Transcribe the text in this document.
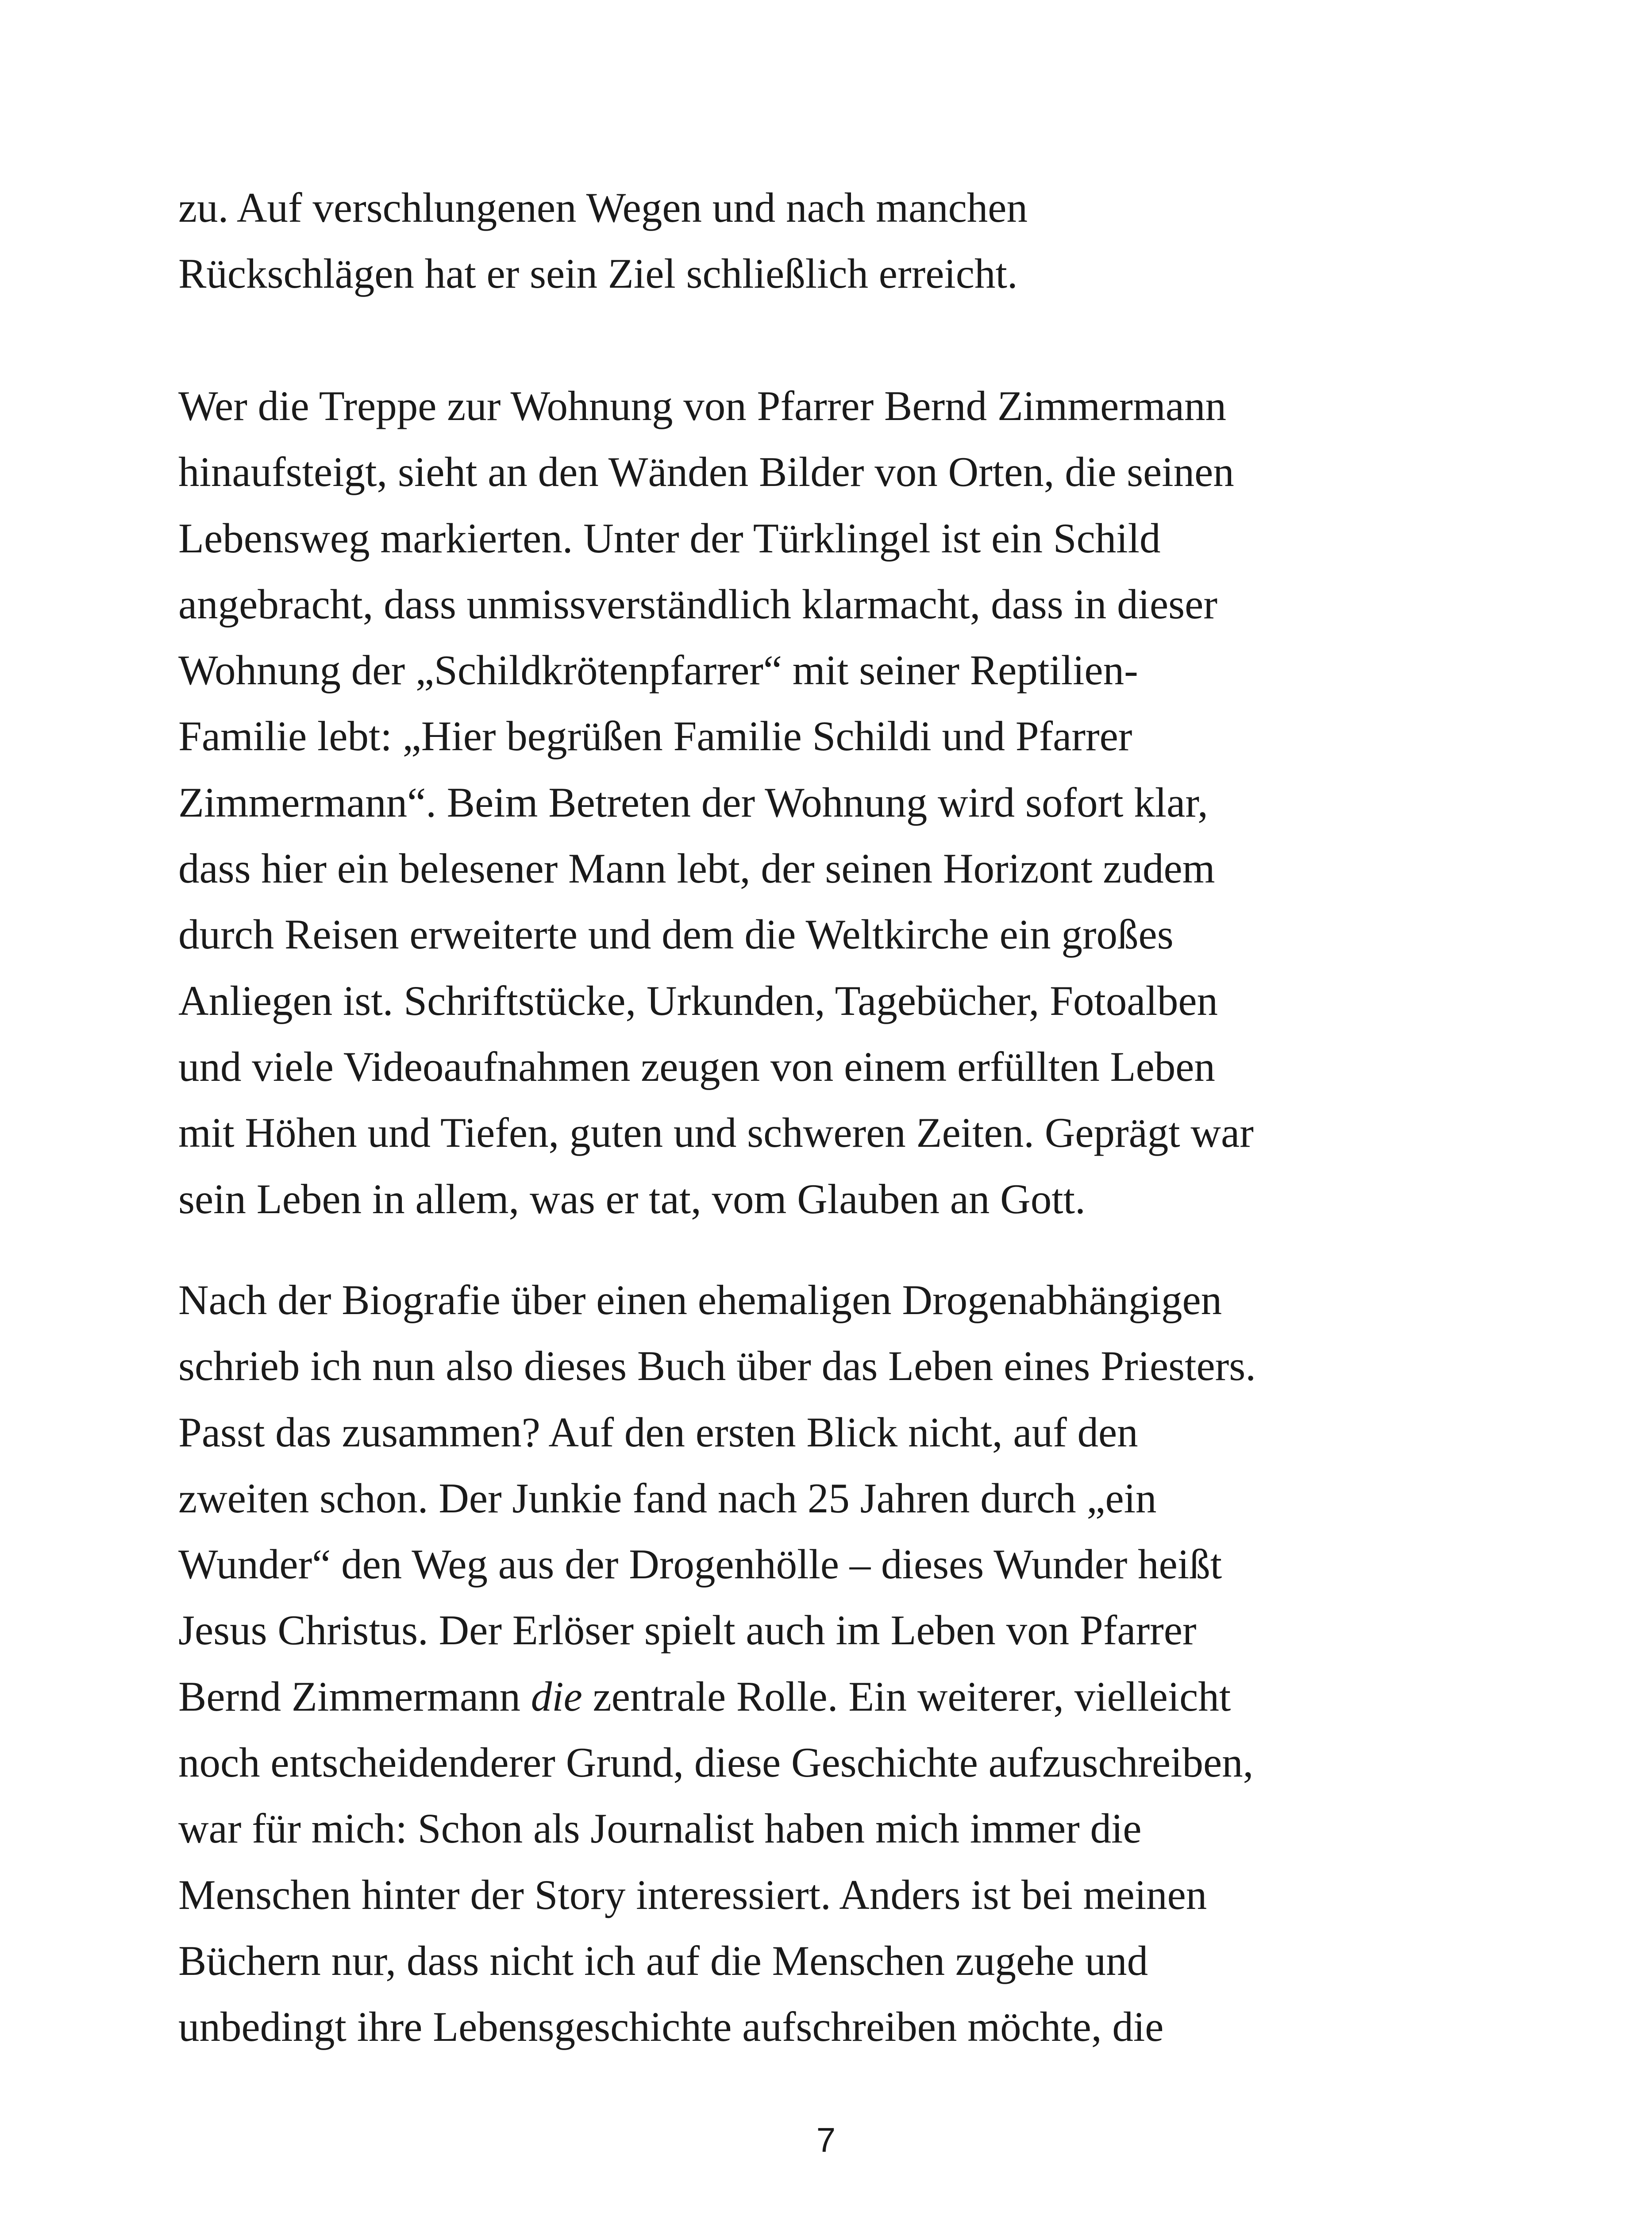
zu. Auf verschlungenen Wegen und nach manchen
Rückschlägen hat er sein Ziel schließlich erreicht.
Wer die Treppe zur Wohnung von Pfarrer Bernd Zimmermann
hinaufsteigt, sieht an den Wänden Bilder von Orten, die seinen
Lebensweg markierten. Unter der Türklingel ist ein Schild
angebracht, dass unmissverständlich klarmacht, dass in dieser
Wohnung der „Schildkrötenpfarrer“ mit seiner Reptilien-
Familie lebt: „Hier begrüßen Familie Schildi und Pfarrer
Zimmermann“. Beim Betreten der Wohnung wird sofort klar,
dass hier ein belesener Mann lebt, der seinen Horizont zudem
durch Reisen erweiterte und dem die Weltkirche ein großes
Anliegen ist. Schriftstücke, Urkunden, Tagebücher, Fotoalben
und viele Videoaufnahmen zeugen von einem erfüllten Leben
mit Höhen und Tiefen, guten und schweren Zeiten. Geprägt war
sein Leben in allem, was er tat, vom Glauben an Gott.
Nach der Biografie über einen ehemaligen Drogenabhängigen
schrieb ich nun also dieses Buch über das Leben eines Priesters.
Passt das zusammen? Auf den ersten Blick nicht, auf den
zweiten schon. Der Junkie fand nach 25 Jahren durch „ein
Wunder“ den Weg aus der Drogenhölle – dieses Wunder heißt
Jesus Christus. Der Erlöser spielt auch im Leben von Pfarrer
Bernd Zimmermann die zentrale Rolle. Ein weiterer, vielleicht
noch entscheidenderer Grund, diese Geschichte aufzuschreiben,
war für mich: Schon als Journalist haben mich immer die
Menschen hinter der Story interessiert. Anders ist bei meinen
Büchern nur, dass nicht ich auf die Menschen zugehe und
unbedingt ihre Lebensgeschichte aufschreiben möchte, die
7
